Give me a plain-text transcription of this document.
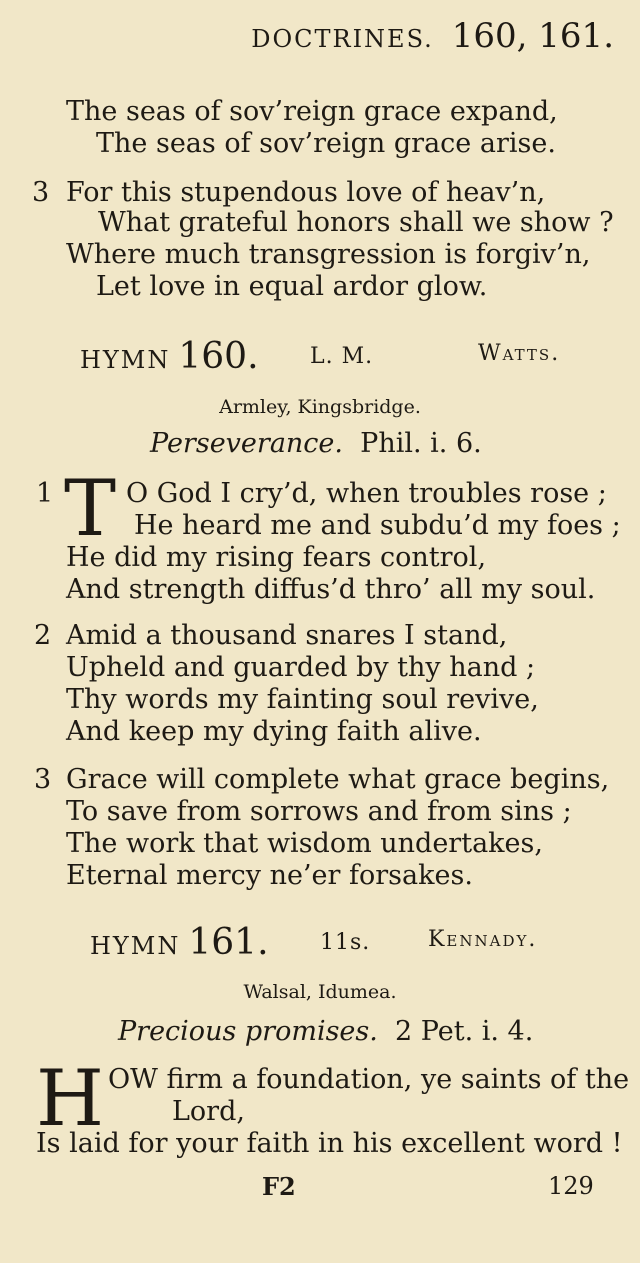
DOCTRINES. 160, 161.
The seas of sov’reign grace expand,
The seas of sov’reign grace arise.
3 For this stupendous love of heav’n,
What grateful honors shall we show ?
Where much transgression is forgiv’n,
Let love in equal ardor glow.
HYMN 160. L. M.	Watts.
Armley, Kingsbridge.
Perseverance. Phil. i. 6.
1 T O God I cry’d, when troubles rose ;
He heard me and subdu’d my foes ;
He did my rising fears control,
And strength diffus’d thro’ all my soul.
2 Amid a thousand snares I stand,
Upheld and guarded by thy hand ;
Thy words my fainting soul revive,
And keep my dying faith alive.
3 Grace will complete what grace begins,
To save from sorrows and from sins ;
The work that wisdom undertakes,
Eternal mercy ne’er forsakes.
HYMN 161. 11s.	Kennady.
Walsal, Idumea.
Precious promises. 2 Pet. i. 4.
H OW firm a foundation, ye saints of the
Lord,
Is laid for your faith in his excellent word !
F2	129
